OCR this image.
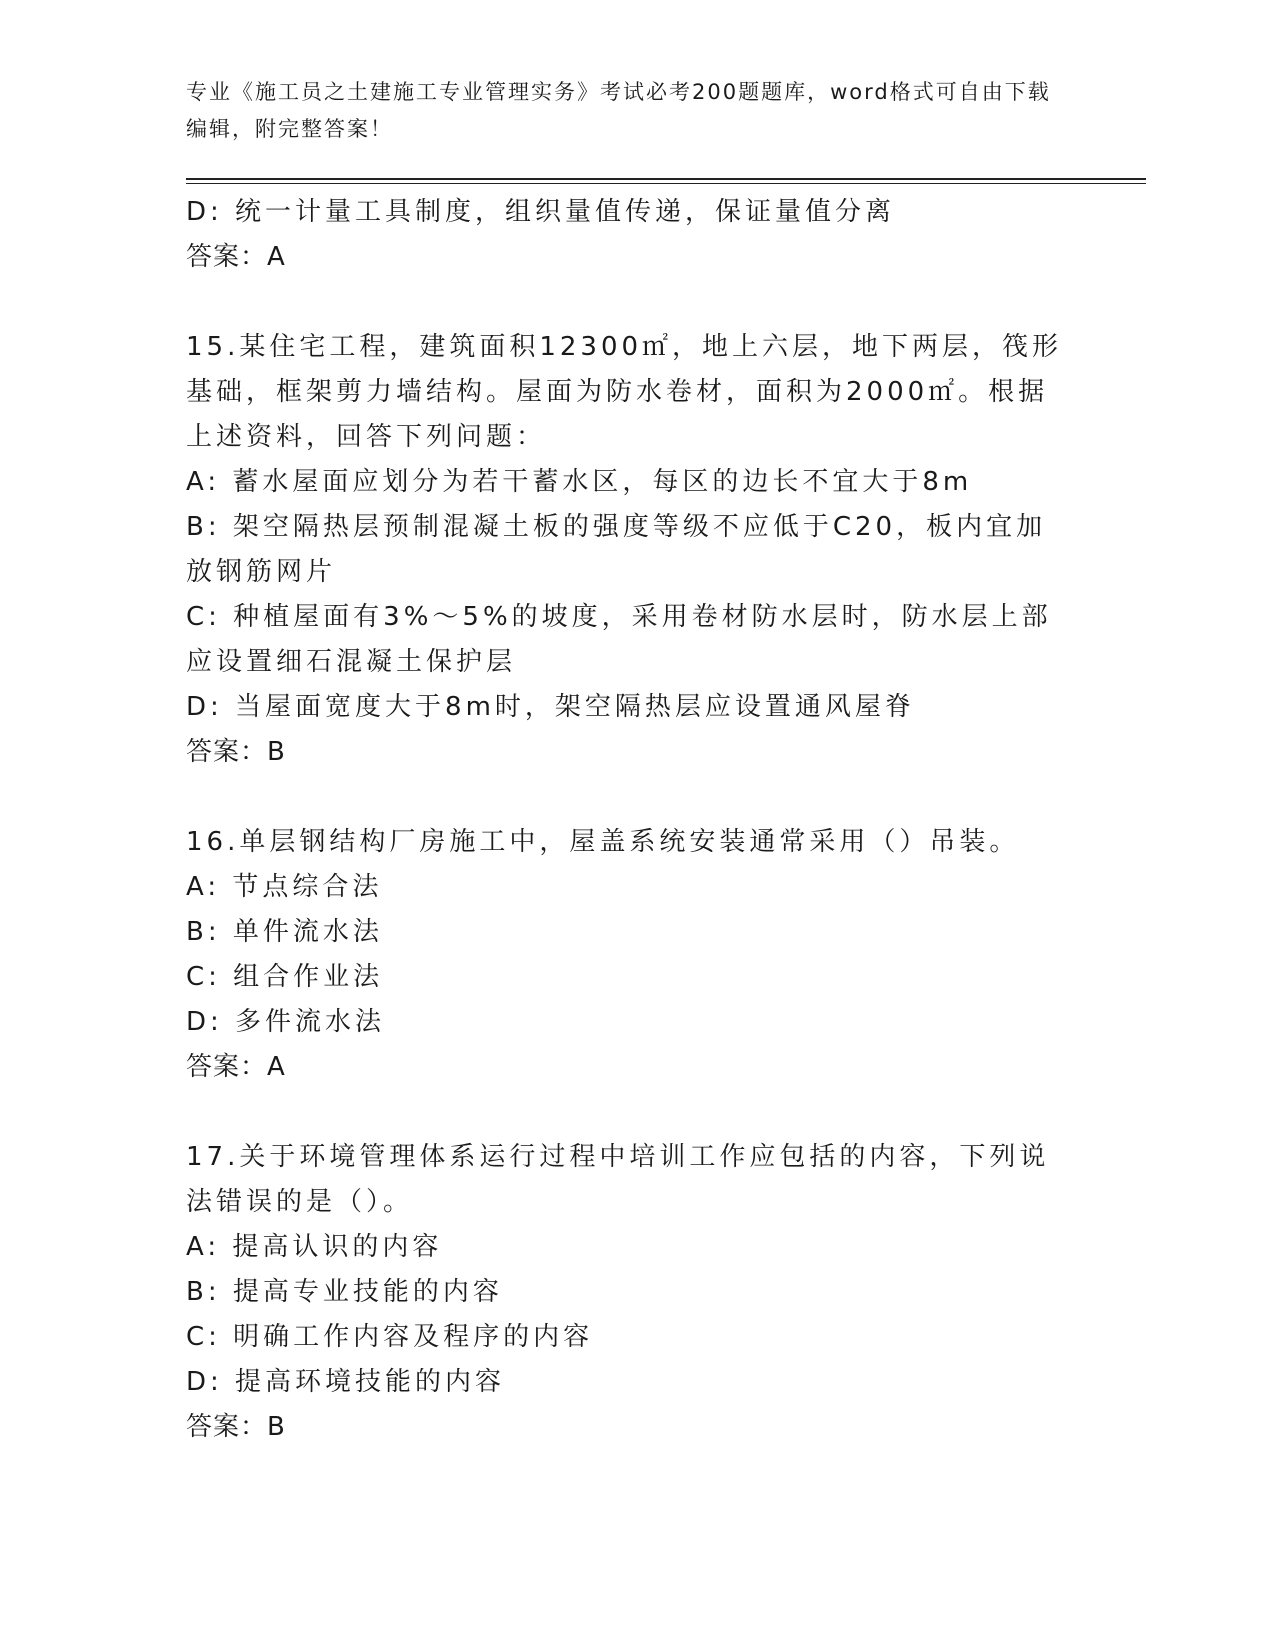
专业《施工员之土建施工专业管理实务》考试必考200题题库，word格式可自由下载编辑，附完整答案！
D: 统一计量工具制度，组织量值传递，保证量值分离
答案：A
15.某住宅工程，建筑面积12300㎡，地上六层，地下两层，筏形基础，框架剪力墙结构。屋面为防水卷材，面积为2000㎡。根据上述资料，回答下列问题：
A: 蓄水屋面应划分为若干蓄水区，每区的边长不宜大于8m
B: 架空隔热层预制混凝土板的强度等级不应低于C20，板内宜加放钢筋网片
C: 种植屋面有3%～5%的坡度，采用卷材防水层时，防水层上部应设置细石混凝土保护层
D: 当屋面宽度大于8m时，架空隔热层应设置通风屋脊
答案：B
16.单层钢结构厂房施工中，屋盖系统安装通常采用（）吊装。
A: 节点综合法
B: 单件流水法
C: 组合作业法
D: 多件流水法
答案：A
17.关于环境管理体系运行过程中培训工作应包括的内容，下列说法错误的是（）。
A: 提高认识的内容
B: 提高专业技能的内容
C: 明确工作内容及程序的内容
D: 提高环境技能的内容
答案：B
